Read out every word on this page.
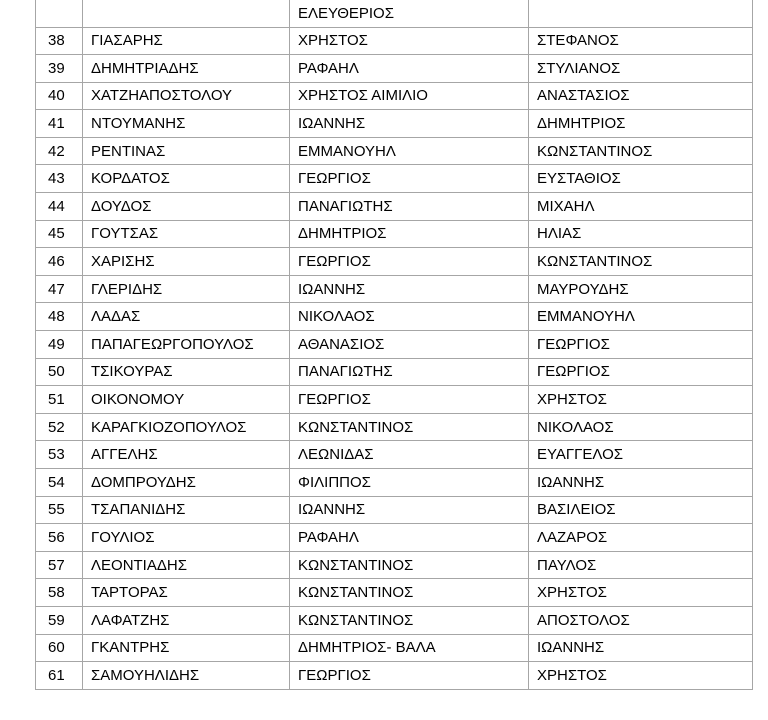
		ΕΛΕΥΘΕΡΙΟΣ	
38	ΓΙΑΣΑΡΗΣ	ΧΡΗΣΤΟΣ	ΣΤΕΦΑΝΟΣ
39	ΔΗΜΗΤΡΙΑΔΗΣ	ΡΑΦΑΗΛ	ΣΤΥΛΙΑΝΟΣ
40	ΧΑΤΖΗΑΠΟΣΤΟΛΟΥ	ΧΡΗΣΤΟΣ ΑΙΜΙΛΙΟ	ΑΝΑΣΤΑΣΙΟΣ
41	ΝΤΟΥΜΑΝΗΣ	ΙΩΑΝΝΗΣ	ΔΗΜΗΤΡΙΟΣ
42	ΡΕΝΤΙΝΑΣ	ΕΜΜΑΝΟΥΗΛ	ΚΩΝΣΤΑΝΤΙΝΟΣ
43	ΚΟΡΔΑΤΟΣ	ΓΕΩΡΓΙΟΣ	ΕΥΣΤΑΘΙΟΣ
44	ΔΟΥΔΟΣ	ΠΑΝΑΓΙΩΤΗΣ	ΜΙΧΑΗΛ
45	ΓΟΥΤΣΑΣ	ΔΗΜΗΤΡΙΟΣ	ΗΛΙΑΣ
46	ΧΑΡΙΣΗΣ	ΓΕΩΡΓΙΟΣ	ΚΩΝΣΤΑΝΤΙΝΟΣ
47	ΓΛΕΡΙΔΗΣ	ΙΩΑΝΝΗΣ	ΜΑΥΡΟΥΔΗΣ
48	ΛΑΔΑΣ	ΝΙΚΟΛΑΟΣ	ΕΜΜΑΝΟΥΗΛ
49	ΠΑΠΑΓΕΩΡΓΟΠΟΥΛΟΣ	ΑΘΑΝΑΣΙΟΣ	ΓΕΩΡΓΙΟΣ
50	ΤΣΙΚΟΥΡΑΣ	ΠΑΝΑΓΙΩΤΗΣ	ΓΕΩΡΓΙΟΣ
51	ΟΙΚΟΝΟΜΟΥ	ΓΕΩΡΓΙΟΣ	ΧΡΗΣΤΟΣ
52	ΚΑΡΑΓΚΙΟΖΟΠΟΥΛΟΣ	ΚΩΝΣΤΑΝΤΙΝΟΣ	ΝΙΚΟΛΑΟΣ
53	ΑΓΓΕΛΗΣ	ΛΕΩΝΙΔΑΣ	ΕΥΑΓΓΕΛΟΣ
54	ΔΟΜΠΡΟΥΔΗΣ	ΦΙΛΙΠΠΟΣ	ΙΩΑΝΝΗΣ
55	ΤΣΑΠΑΝΙΔΗΣ	ΙΩΑΝΝΗΣ	ΒΑΣΙΛΕΙΟΣ
56	ΓΟΥΛΙΟΣ	ΡΑΦΑΗΛ	ΛΑΖΑΡΟΣ
57	ΛΕΟΝΤΙΑΔΗΣ	ΚΩΝΣΤΑΝΤΙΝΟΣ	ΠΑΥΛΟΣ
58	ΤΑΡΤΟΡΑΣ	ΚΩΝΣΤΑΝΤΙΝΟΣ	ΧΡΗΣΤΟΣ
59	ΛΑΦΑΤΖΗΣ	ΚΩΝΣΤΑΝΤΙΝΟΣ	ΑΠΟΣΤΟΛΟΣ
60	ΓΚΑΝΤΡΗΣ	ΔΗΜΗΤΡΙΟΣ- ΒΑΛΑ	ΙΩΑΝΝΗΣ
61	ΣΑΜΟΥΗΛΙΔΗΣ	ΓΕΩΡΓΙΟΣ	ΧΡΗΣΤΟΣ
